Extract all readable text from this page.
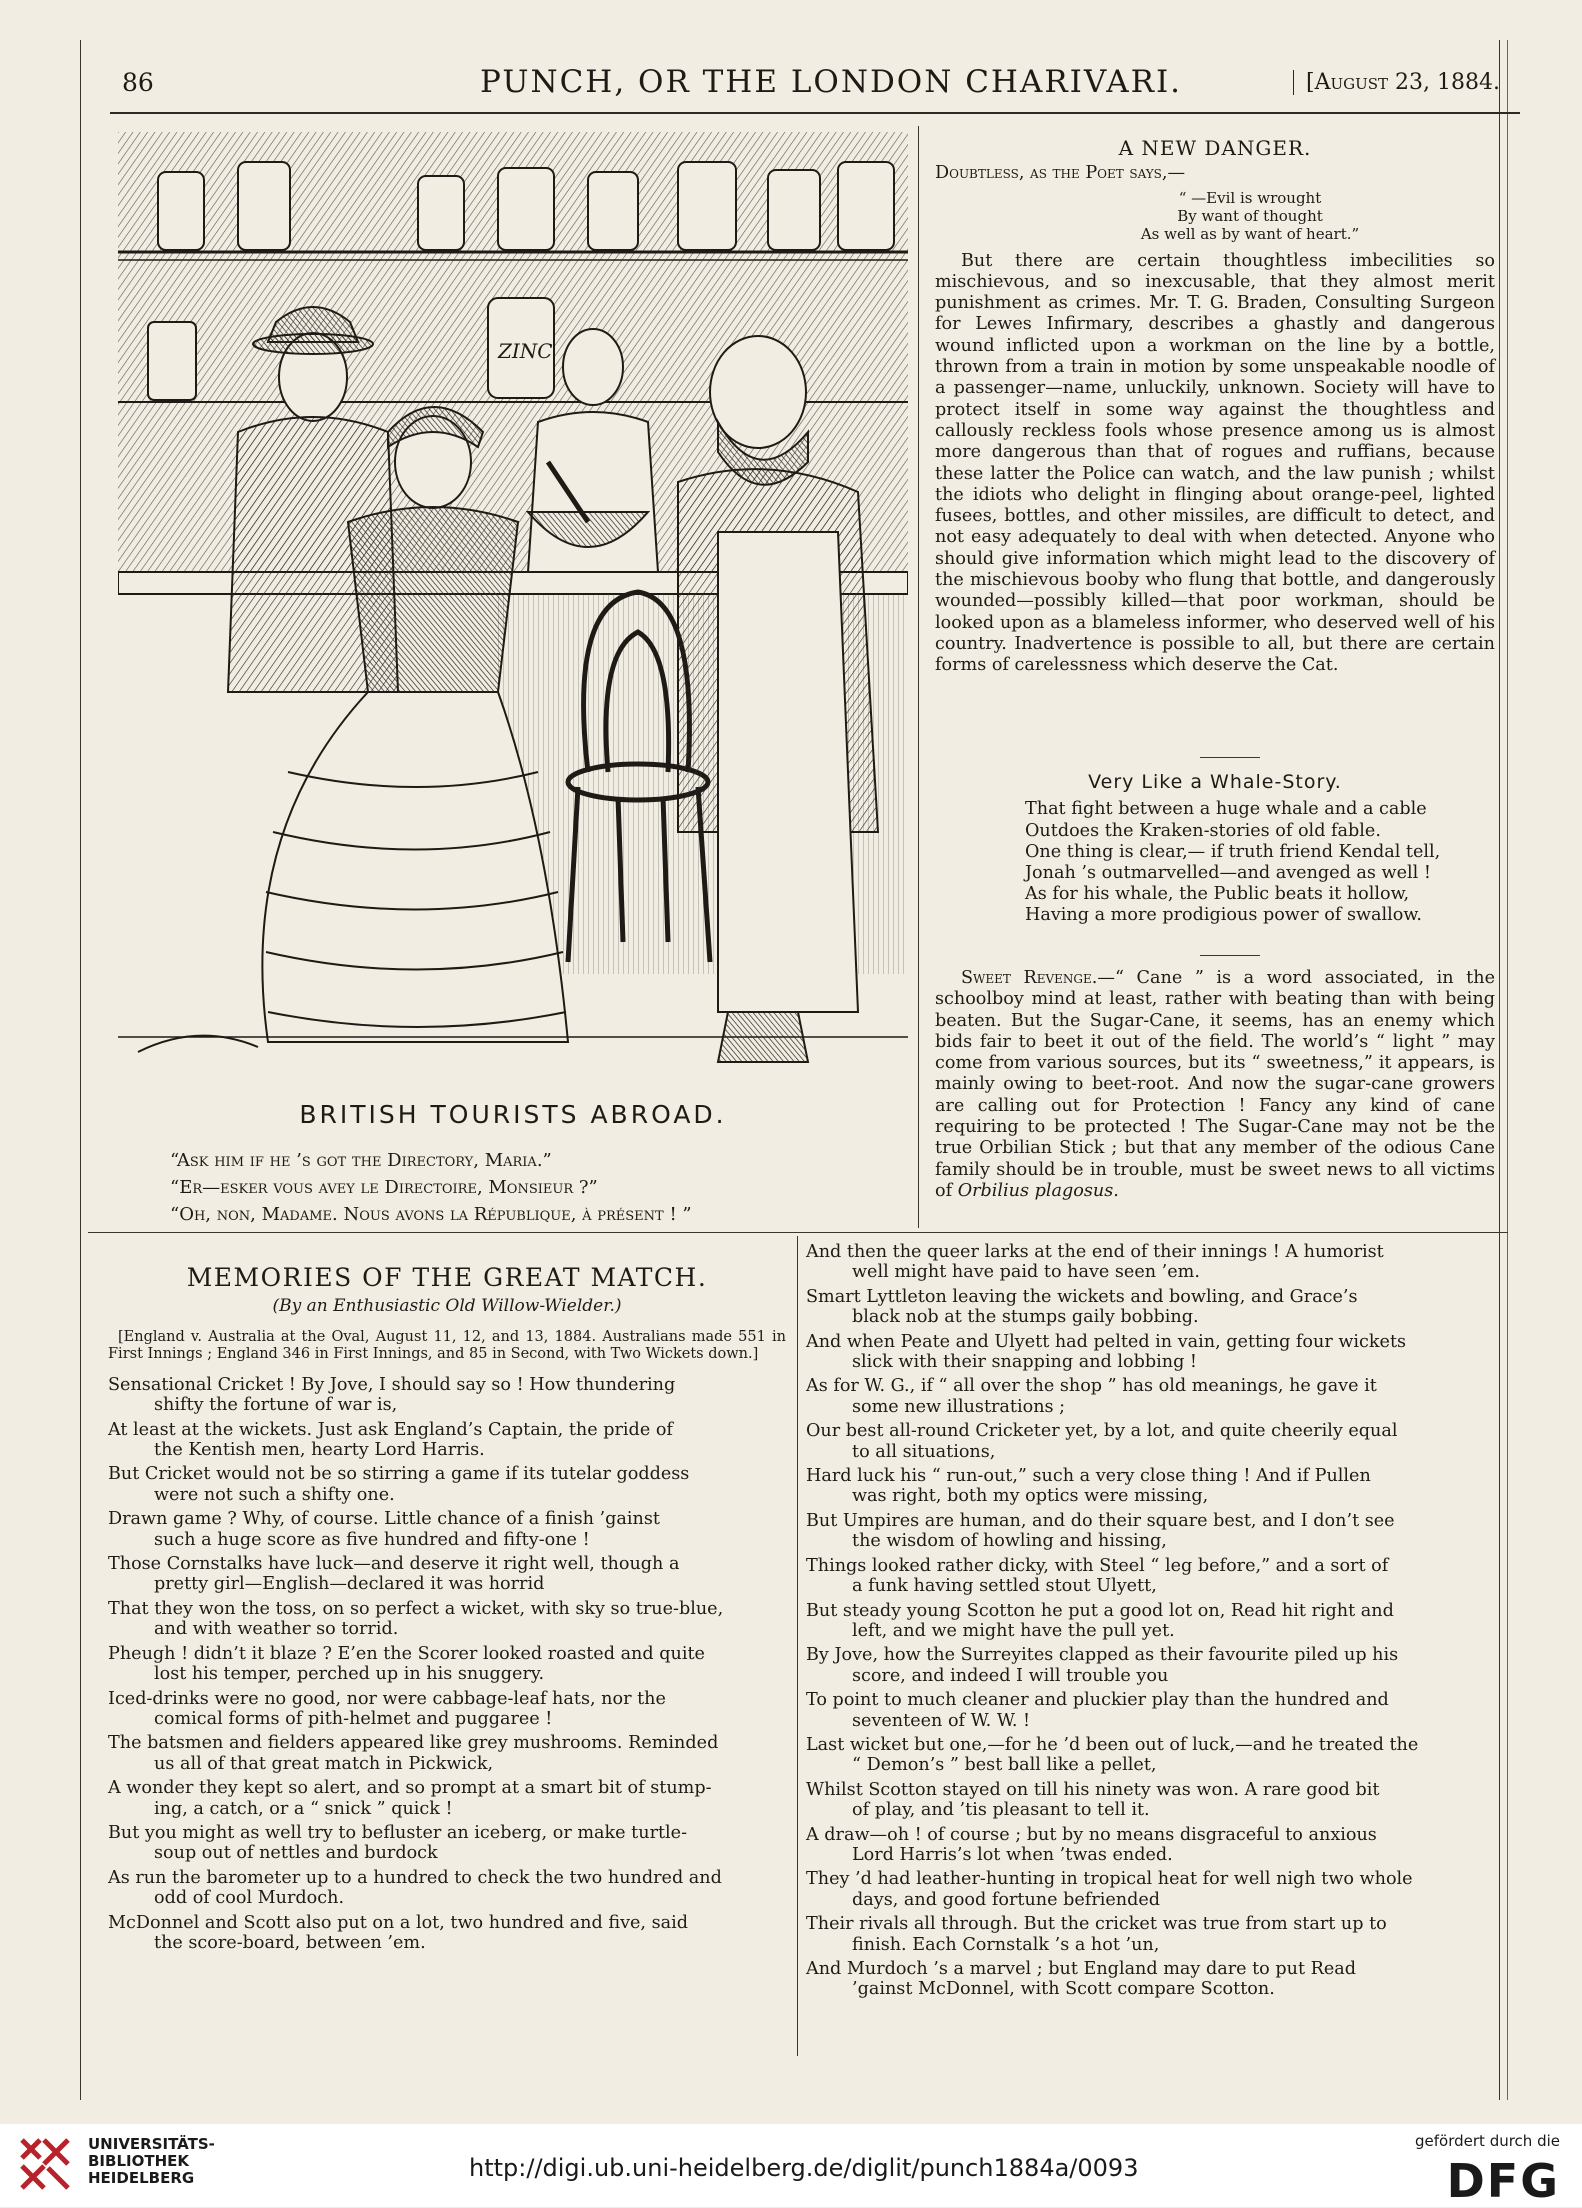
86	PUNCH, OR THE LONDON CHARIVARI.	[August 23, 1884.
ZINC
BRITISH TOURISTS ABROAD.
“Ask him if he ’s got the Directory, Maria.”
“Er—esker vous avey le Directoire, Monsieur ?”
“Oh, non, Madame. Nous avons la République, à présent ! ”
A NEW DANGER.

Doubtless, as the Poet says,—

“ —Evil is wrought
By want of thought
As well as by want of heart.”

But there are certain thoughtless imbecilities so mischievous, and so inexcusable, that they almost merit punishment as crimes. Mr. T. G. Braden, Consulting Surgeon for Lewes Infirmary, describes a ghastly and dangerous wound inflicted upon a workman on the line by a bottle, thrown from a train in motion by some unspeakable noodle of a passenger—name, unluckily, unknown. Society will have to protect itself in some way against the thoughtless and callously reckless fools whose presence among us is almost more dangerous than that of rogues and ruffians, because these latter the Police can watch, and the law punish ; whilst the idiots who delight in flinging about orange-peel, lighted fusees, bottles, and other missiles, are difficult to detect, and not easy adequately to deal with when detected. Anyone who should give information which might lead to the discovery of the mischievous booby who flung that bottle, and dangerously wounded—possibly killed—that poor workman, should be looked upon as a blameless informer, who deserved well of his country. Inadvertence is possible to all, but there are certain forms of carelessness which deserve the Cat.

Very Like a Whale-Story.
That fight between a huge whale and a cable
Outdoes the Kraken-stories of old fable.
One thing is clear,— if truth friend Kendal tell,
Jonah ’s outmarvelled—and avenged as well !
As for his whale, the Public beats it hollow,
Having a more prodigious power of swallow.

Sweet Revenge.—“ Cane ” is a word associated, in the schoolboy mind at least, rather with beating than with being beaten. But the Sugar-Cane, it seems, has an enemy which bids fair to beet it out of the field. The world’s “ light ” may come from various sources, but its “ sweetness,” it appears, is mainly owing to beet-root. And now the sugar-cane growers are calling out for Protection ! Fancy any kind of cane requiring to be protected ! The Sugar-Cane may not be the true Orbilian Stick ; but that any member of the odious Cane family should be in trouble, must be sweet news to all victims of Orbilius plagosus.

MEMORIES OF THE GREAT MATCH.
(By an Enthusiastic Old Willow-Wielder.)
[England v. Australia at the Oval, August 11, 12, and 13, 1884. Australians made 551 in First Innings ; England 346 in First Innings, and 85 in Second, with Two Wickets down.]
Sensational Cricket ! By Jove, I should say so ! How thundering
shifty the fortune of war is,
At least at the wickets. Just ask England’s Captain, the pride of
the Kentish men, hearty Lord Harris.
But Cricket would not be so stirring a game if its tutelar goddess
were not such a shifty one.
Drawn game ? Why, of course. Little chance of a finish ’gainst
such a huge score as five hundred and fifty-one !
Those Cornstalks have luck—and deserve it right well, though a
pretty girl—English—declared it was horrid
That they won the toss, on so perfect a wicket, with sky so true-blue,
and with weather so torrid.
Pheugh ! didn’t it blaze ? E’en the Scorer looked roasted and quite
lost his temper, perched up in his snuggery.
Iced-drinks were no good, nor were cabbage-leaf hats, nor the
comical forms of pith-helmet and puggaree !
The batsmen and fielders appeared like grey mushrooms. Reminded
us all of that great match in Pickwick,
A wonder they kept so alert, and so prompt at a smart bit of stump-
ing, a catch, or a “ snick ” quick !
But you might as well try to befluster an iceberg, or make turtle-
soup out of nettles and burdock
As run the barometer up to a hundred to check the two hundred and
odd of cool Murdoch.
McDonnel and Scott also put on a lot, two hundred and five, said
the score-board, between ’em.
And then the queer larks at the end of their innings ! A humorist
well might have paid to have seen ’em.
Smart Lyttleton leaving the wickets and bowling, and Grace’s
black nob at the stumps gaily bobbing.
And when Peate and Ulyett had pelted in vain, getting four wickets
slick with their snapping and lobbing !
As for W. G., if “ all over the shop ” has old meanings, he gave it
some new illustrations ;
Our best all-round Cricketer yet, by a lot, and quite cheerily equal
to all situations,
Hard luck his “ run-out,” such a very close thing ! And if Pullen
was right, both my optics were missing,
But Umpires are human, and do their square best, and I don’t see
the wisdom of howling and hissing,
Things looked rather dicky, with Steel “ leg before,” and a sort of
a funk having settled stout Ulyett,
But steady young Scotton he put a good lot on, Read hit right and
left, and we might have the pull yet.
By Jove, how the Surreyites clapped as their favourite piled up his
score, and indeed I will trouble you
To point to much cleaner and pluckier play than the hundred and
seventeen of W. W. !
Last wicket but one,—for he ’d been out of luck,—and he treated the
“ Demon’s ” best ball like a pellet,
Whilst Scotton stayed on till his ninety was won. A rare good bit
of play, and ’tis pleasant to tell it.
A draw—oh ! of course ; but by no means disgraceful to anxious
Lord Harris’s lot when ’twas ended.
They ’d had leather-hunting in tropical heat for well nigh two whole
days, and good fortune befriended
Their rivals all through. But the cricket was true from start up to
finish. Each Cornstalk ’s a hot ’un,
And Murdoch ’s a marvel ; but England may dare to put Read
’gainst McDonnel, with Scott compare Scotton.
UNIVERSITÄTS-
BIBLIOTHEK
HEIDELBERG	http://digi.ub.uni-heidelberg.de/diglit/punch1884a/0093
gefördert durch die
DFG
